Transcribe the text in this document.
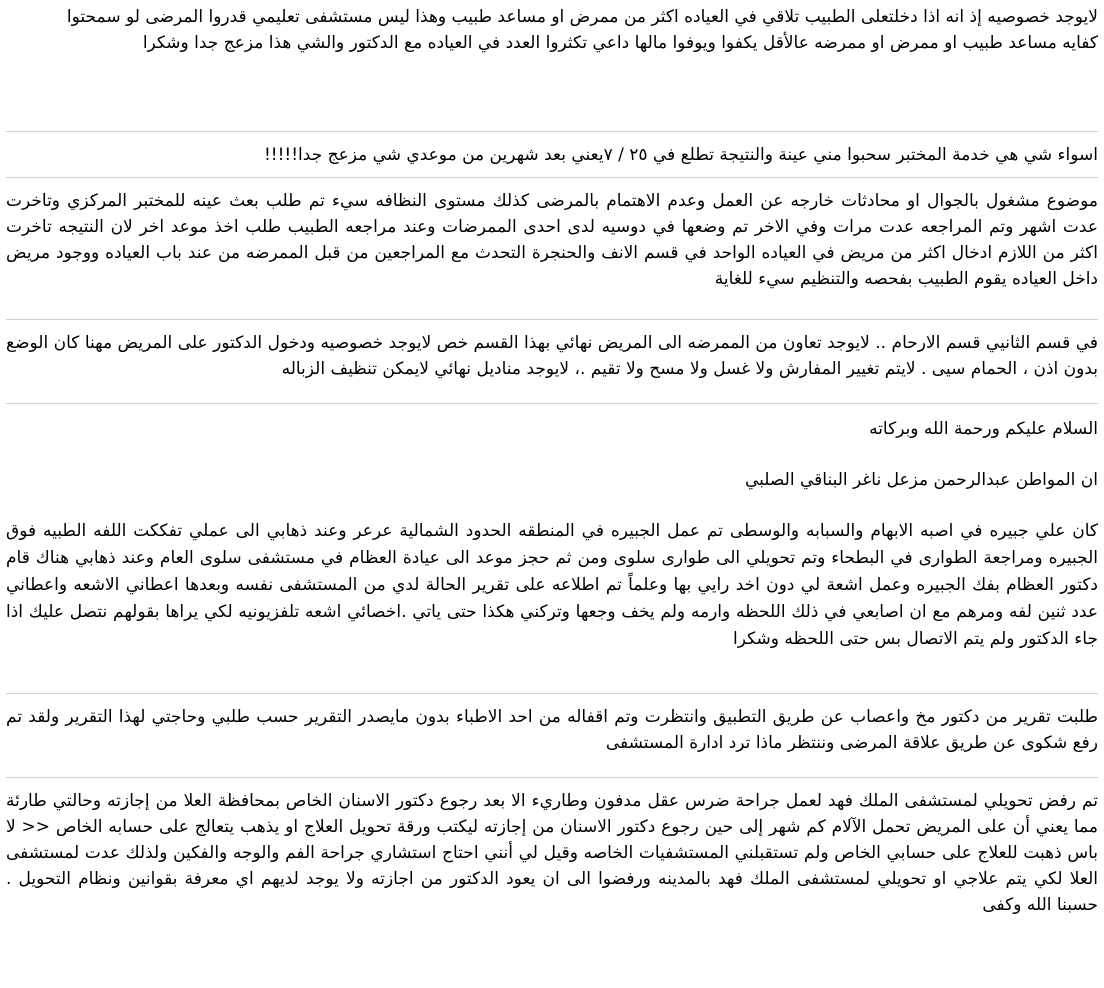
لايوجد خصوصيه إذ انه اذا دخلتعلى الطبيب تلاقي في العياده اكثر من ممرض او مساعد طبيب وهذا ليس مستشفى تعليمي قدروا المرضى لو سمحتوا

كفايه مساعد طبيب او ممرض او ممرضه عالأقل يكفوا ويوفوا مالها داعي تكثروا العدد في العياده مع الدكتور والشي هذا مزعج جدا وشكرا

اسواء شي هي خدمة المختبر سحبوا مني عينة والنتيجة تطلع في ٢٥ / ٧يعني بعد شهرين من موعدي شي مزعج جدا!!!!!

موضوع مشغول بالجوال او محادثات خارجه عن العمل وعدم الاهتمام بالمرضى كذلك مستوى النظافه سيء تم طلب بعث عينه للمختبر المركزي وتاخرت عدت اشهر وتم المراجعه عدت مرات وفي الاخر تم وضعها في دوسيه لدى احدى الممرضات وعند مراجعه الطبيب طلب اخذ موعد اخر لان النتيجه تاخرت اكثر من اللازم ادخال اكثر من مريض في العياده الواحد في قسم الانف والحنجرة التحدث مع المراجعين من قبل الممرضه من عند باب العياده ووجود مريض داخل العياده يقوم الطبيب بفحصه والتنظيم سيء للغاية

في قسم الثانيي قسم الارحام .. لايوجد تعاون من الممرضه الى المريض نهائي بهذا القسم خص لايوجد خصوصيه ودخول الدكتور على المريض مهنا كان الوضع بدون اذن ، الحمام سيى . لايتم تغيير المفارش ولا غسل ولا مسح ولا تقيم .، لايوجد مناديل نهائي لايمكن تنظيف الزباله

السلام عليكم ورحمة الله وبركاته

ان المواطن عبدالرحمن مزعل ناغر البناقي الصلبي

كان علي جبيره في اصبه الابهام والسبابه والوسطى تم عمل الجبيره في المنطقه الحدود الشمالية عرعر وعند ذهابي الى عملي تفككت اللفه الطبيه فوق الجبيره ومراجعة الطوارى في البطحاء وتم تحويلي الى طوارى سلوى ومن ثم حجز موعد الى عيادة العظام في مستشفى سلوى العام وعند ذهابي هناك قام دكتور العظام بفك الجبيره وعمل اشعة لي دون اخد رايي بها وعلماً تم اطلاعه على تقرير الحالة لدي من المستشفى نفسه وبعدها اعطاني الاشعه واعطاني عدد ثنين لفه ومرهم مع ان اصابعي في ذلك اللحظه وارمه ولم يخف وجعها وتركني هكذا حتى ياتي .اخصائي اشعه تلفزيونيه لكي يراها بقولهم نتصل عليك اذا جاء الدكتور ولم يتم الاتصال بس حتى اللحظه وشكرا

طلبت تقرير من دكتور مخ واعصاب عن طريق التطبيق وانتظرت وتم اقفاله من احد الاطباء بدون مايصدر التقرير حسب طلبي وحاجتي لهذا التقرير ولقد تم رفع شكوى عن طريق علاقة المرضى وننتظر ماذا ترد ادارة المستشفى

تم رفض تحويلي لمستشفى الملك فهد لعمل جراحة ضرس عقل مدفون وطاريء الا بعد رجوع دكتور الاسنان الخاص بمحافظة العلا من إجازته وحالتي طارئة مما يعني أن على المريض تحمل الآلام كم شهر إلى حين رجوع دكتور الاسنان من إجازته ليكتب ورقة تحويل العلاج او يذهب يتعالج على حسابه الخاص << لا باس ذهبت للعلاج على حسابي الخاص ولم تستقبلني المستشفيات الخاصه وقيل لي أنني احتاج استشاري جراحة الفم والوجه والفكين ولذلك عدت لمستشفى العلا لكي يتم علاجي او تحويلي لمستشفى الملك فهد بالمدينه ورفضوا الى ان يعود الدكتور من اجازته ولا يوجد لديهم اي معرفة بقوانين ونظام التحويل . حسبنا الله وكفى
